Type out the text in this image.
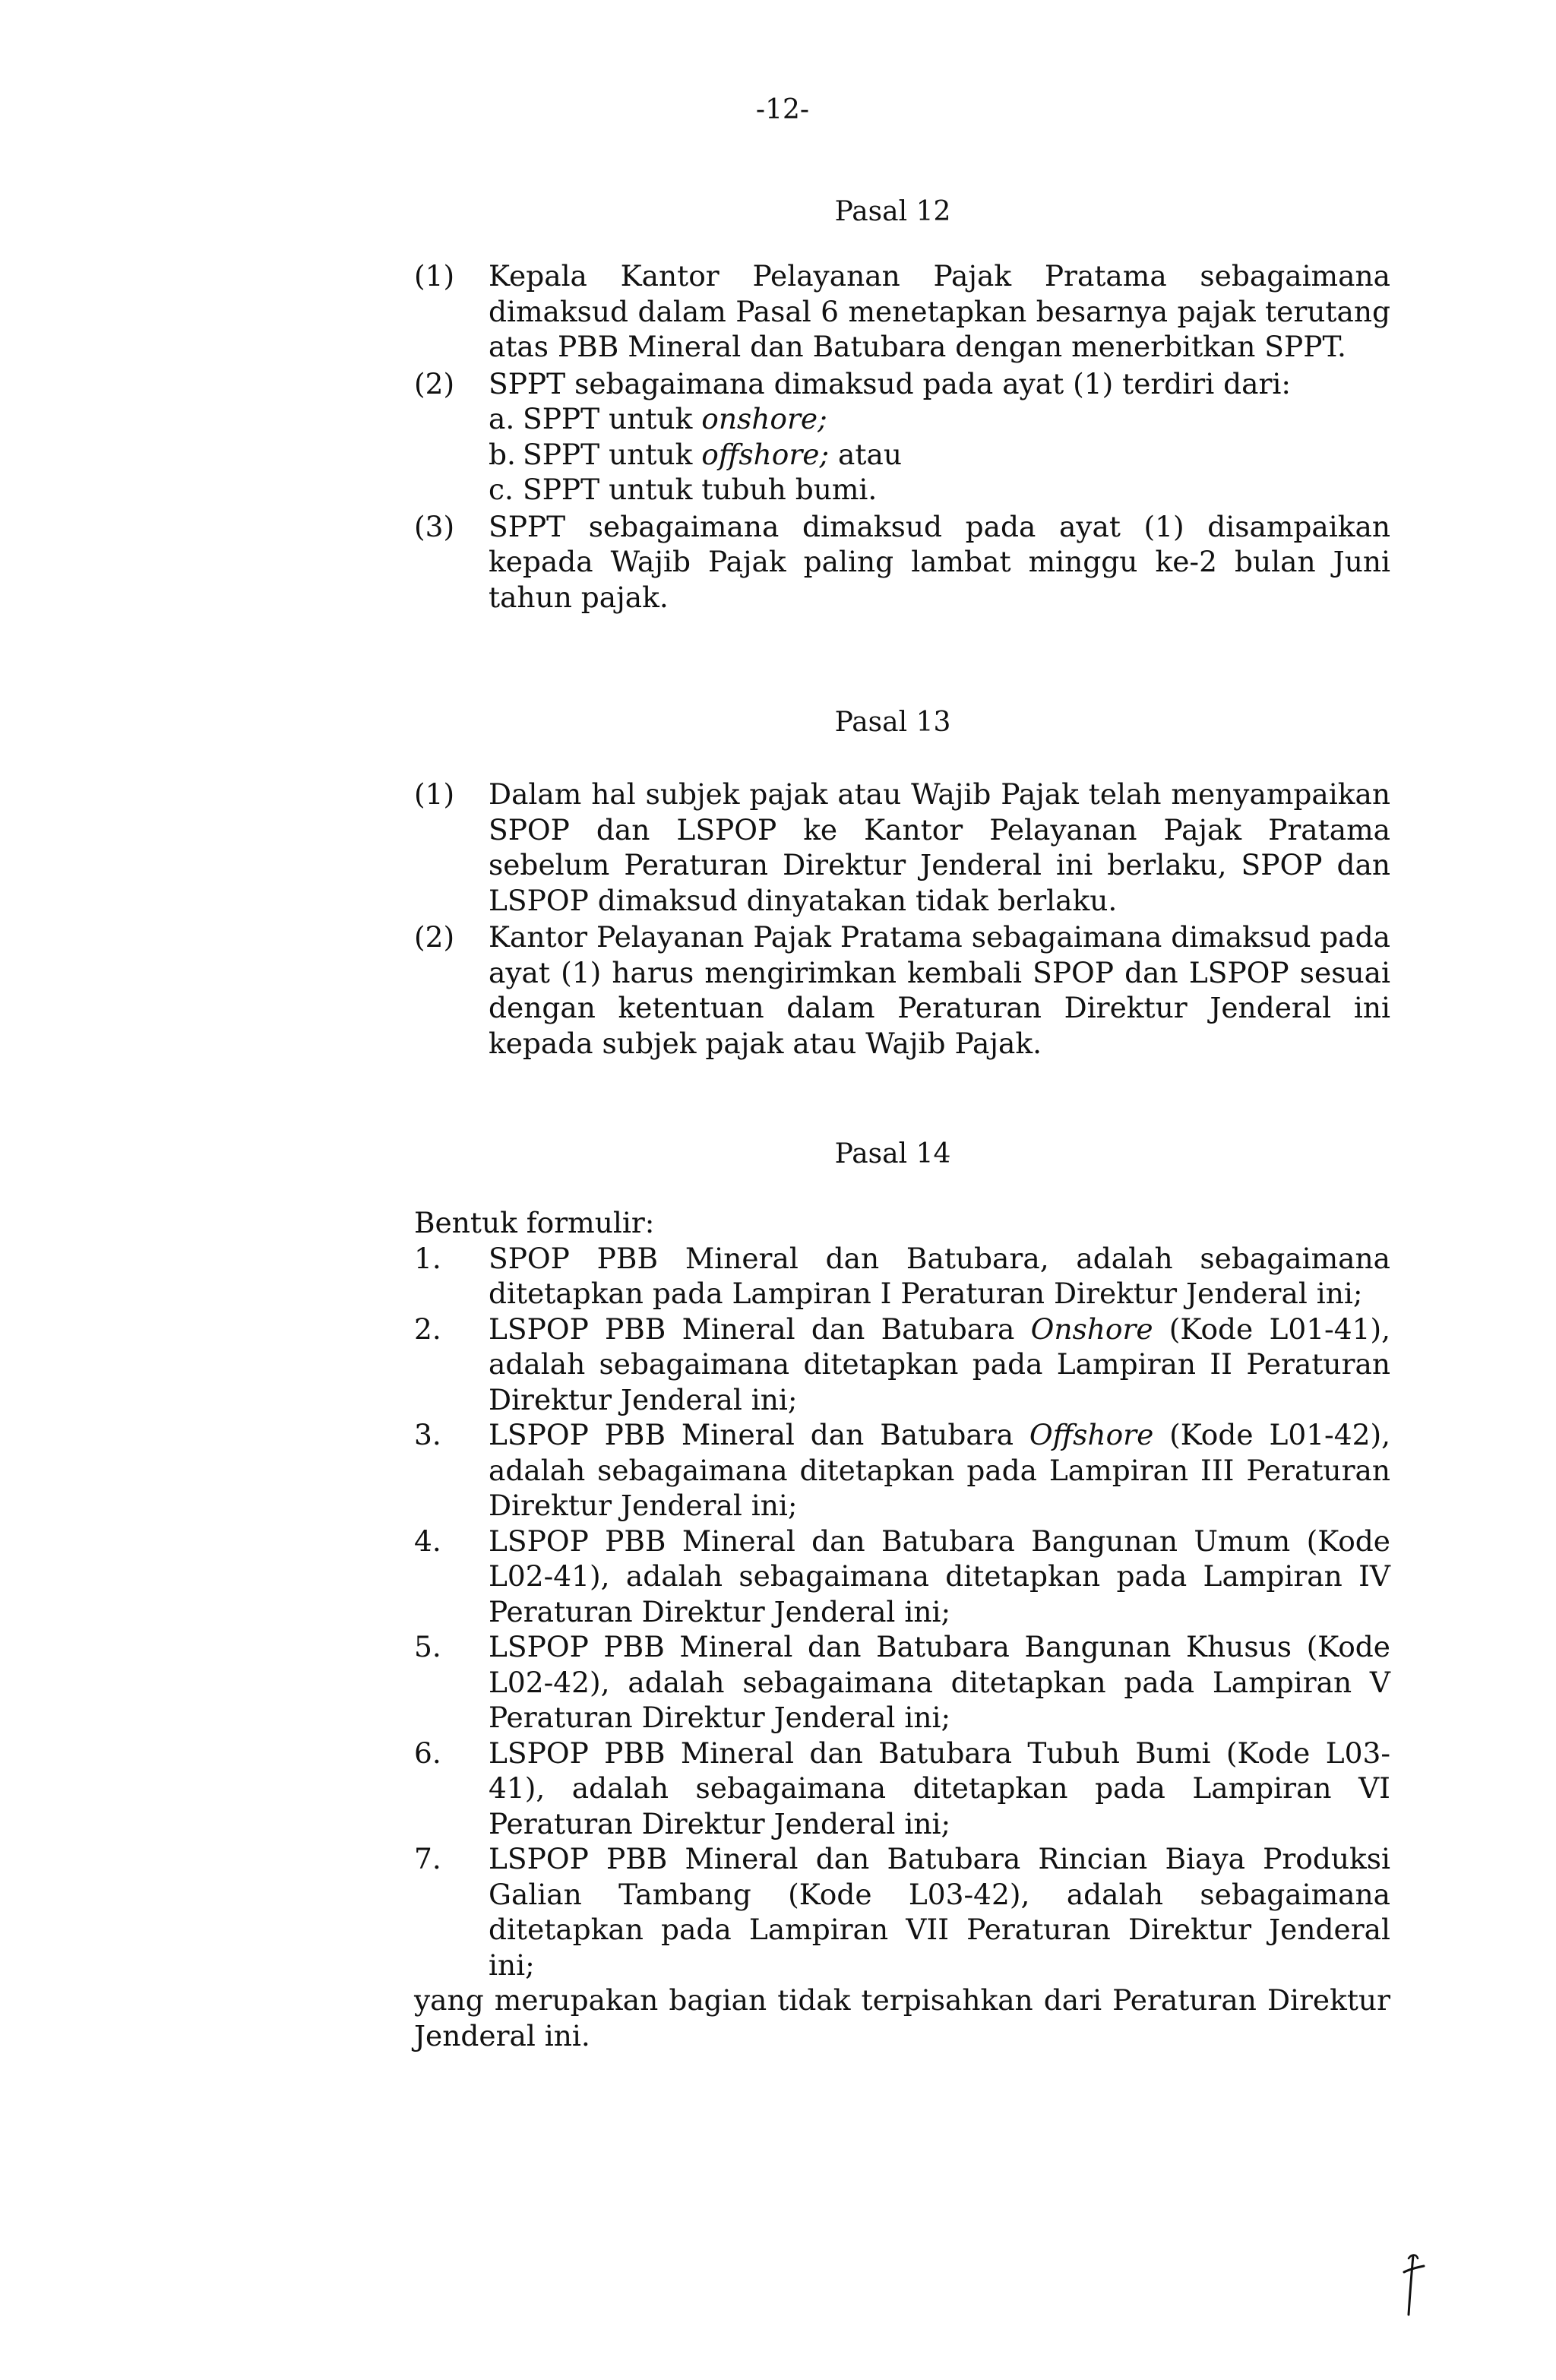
-12-
Pasal 12
(1) Kepala Kantor Pelayanan Pajak Pratama sebagaimana dimaksud dalam Pasal 6 menetapkan besarnya pajak terutang atas PBB Mineral dan Batubara dengan menerbitkan SPPT.
(2) SPPT sebagaimana dimaksud pada ayat (1) terdiri dari:
a. SPPT untuk onshore;
b. SPPT untuk offshore; atau
c. SPPT untuk tubuh bumi.
(3) SPPT sebagaimana dimaksud pada ayat (1) disampaikan kepada Wajib Pajak paling lambat minggu ke-2 bulan Juni tahun pajak.
Pasal 13
(1) Dalam hal subjek pajak atau Wajib Pajak telah menyampaikan SPOP dan LSPOP ke Kantor Pelayanan Pajak Pratama sebelum Peraturan Direktur Jenderal ini berlaku, SPOP dan LSPOP dimaksud dinyatakan tidak berlaku.
(2) Kantor Pelayanan Pajak Pratama sebagaimana dimaksud pada ayat (1) harus mengirimkan kembali SPOP dan LSPOP sesuai dengan ketentuan dalam Peraturan Direktur Jenderal ini kepada subjek pajak atau Wajib Pajak.
Pasal 14
Bentuk formulir:
1. SPOP PBB Mineral dan Batubara, adalah sebagaimana ditetapkan pada Lampiran I Peraturan Direktur Jenderal ini;
2. LSPOP PBB Mineral dan Batubara Onshore (Kode L01-41), adalah sebagaimana ditetapkan pada Lampiran II Peraturan Direktur Jenderal ini;
3. LSPOP PBB Mineral dan Batubara Offshore (Kode L01-42), adalah sebagaimana ditetapkan pada Lampiran III Peraturan Direktur Jenderal ini;
4. LSPOP PBB Mineral dan Batubara Bangunan Umum (Kode L02-41), adalah sebagaimana ditetapkan pada Lampiran IV Peraturan Direktur Jenderal ini;
5. LSPOP PBB Mineral dan Batubara Bangunan Khusus (Kode L02-42), adalah sebagaimana ditetapkan pada Lampiran V Peraturan Direktur Jenderal ini;
6. LSPOP PBB Mineral dan Batubara Tubuh Bumi (Kode L03-41), adalah sebagaimana ditetapkan pada Lampiran VI Peraturan Direktur Jenderal ini;
7. LSPOP PBB Mineral dan Batubara Rincian Biaya Produksi Galian Tambang (Kode L03-42), adalah sebagaimana ditetapkan pada Lampiran VII Peraturan Direktur Jenderal ini;
yang merupakan bagian tidak terpisahkan dari Peraturan Direktur Jenderal ini.
